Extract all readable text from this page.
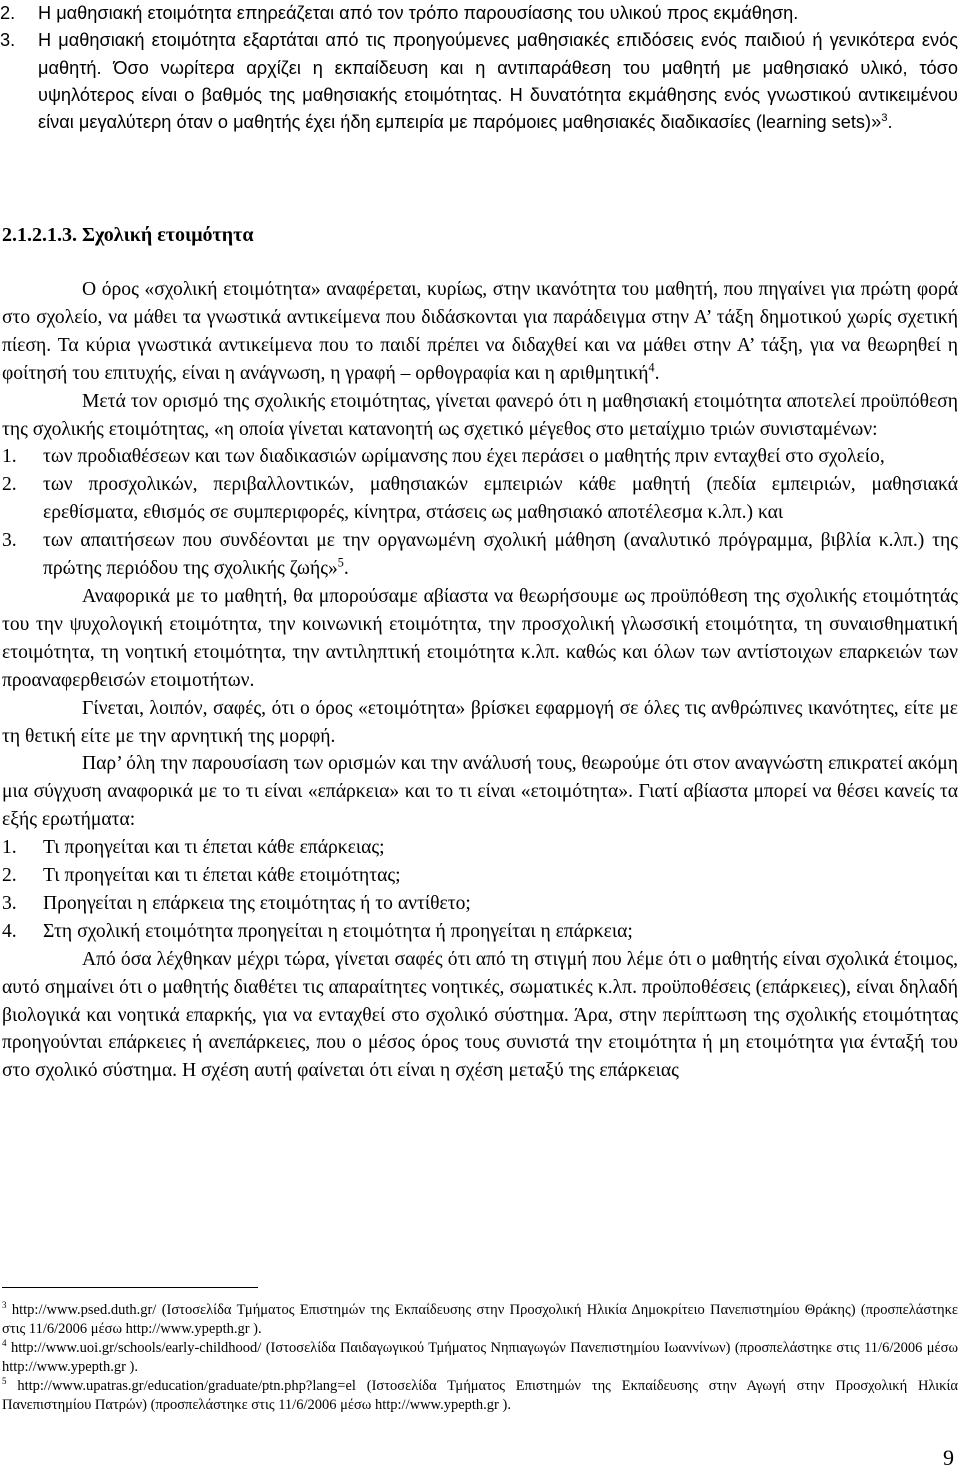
2.	Η μαθησιακή ετοιμότητα επηρεάζεται από τον τρόπο παρουσίασης του υλικού προς εκμάθηση.
3.	Η μαθησιακή ετοιμότητα εξαρτάται από τις προηγούμενες μαθησιακές επιδόσεις ενός παιδιού ή γενικότερα ενός μαθητή. Όσο νωρίτερα αρχίζει η εκπαίδευση και η αντιπαράθεση του μαθητή με μαθησιακό υλικό, τόσο υψηλότερος είναι ο βαθμός της μαθησιακής ετοιμότητας. Η δυνατότητα εκμάθησης ενός γνωστικού αντικειμένου είναι μεγαλύτερη όταν ο μαθητής έχει ήδη εμπειρία με παρόμοιες μαθησιακές διαδικασίες (learning sets)»$^3$.
2.1.2.1.3. Σχολική ετοιμότητα

Ο όρος «σχολική ετοιμότητα» αναφέρεται, κυρίως, στην ικανότητα του μαθητή, που πηγαίνει για πρώτη φορά στο σχολείο, να μάθει τα γνωστικά αντικείμενα που διδάσκονται για παράδειγμα στην Α’ τάξη δημοτικού χωρίς σχετική πίεση. Τα κύρια γνωστικά αντικείμενα που το παιδί πρέπει να διδαχθεί και να μάθει στην Α’ τάξη, για να θεωρηθεί η φοίτησή του επιτυχής, είναι η ανάγνωση, η γραφή – ορθογραφία και η αριθμητική$^4$.

Μετά τον ορισμό της σχολικής ετοιμότητας, γίνεται φανερό ότι η μαθησιακή ετοιμότητα αποτελεί προϋπόθεση της σχολικής ετοιμότητας, «η οποία γίνεται κατανοητή ως σχετικό μέγεθος στο μεταίχμιο τριών συνισταμένων:

1.	των προδιαθέσεων και των διαδικασιών ωρίμανσης που έχει περάσει ο μαθητής πριν ενταχθεί στο σχολείο,
2.	των προσχολικών, περιβαλλοντικών, μαθησιακών εμπειριών κάθε μαθητή (πεδία εμπειριών, μαθησιακά ερεθίσματα, εθισμός σε συμπεριφορές, κίνητρα, στάσεις ως μαθησιακό αποτέλεσμα κ.λπ.) και
3.	των απαιτήσεων που συνδέονται με την οργανωμένη σχολική μάθηση (αναλυτικό πρόγραμμα, βιβλία κ.λπ.) της πρώτης περιόδου της σχολικής ζωής»$^5$.

Αναφορικά με το μαθητή, θα μπορούσαμε αβίαστα να θεωρήσουμε ως προϋπόθεση της σχολικής ετοιμότητάς του την ψυχολογική ετοιμότητα, την κοινωνική ετοιμότητα, την προσχολική γλωσσική ετοιμότητα, τη συναισθηματική ετοιμότητα, τη νοητική ετοιμότητα, την αντιληπτική ετοιμότητα κ.λπ. καθώς και όλων των αντίστοιχων επαρκειών των προαναφερθεισών ετοιμοτήτων.

Γίνεται, λοιπόν, σαφές, ότι ο όρος «ετοιμότητα» βρίσκει εφαρμογή σε όλες τις ανθρώπινες ικανότητες, είτε με τη θετική είτε με την αρνητική της μορφή.

Παρ’ όλη την παρουσίαση των ορισμών και την ανάλυσή τους, θεωρούμε ότι στον αναγνώστη επικρατεί ακόμη μια σύγχυση αναφορικά με το τι είναι «επάρκεια» και το τι είναι «ετοιμότητα». Γιατί αβίαστα μπορεί να θέσει κανείς τα εξής ερωτήματα:

1.	Τι προηγείται και τι έπεται κάθε επάρκειας;
2.	Τι προηγείται και τι έπεται κάθε ετοιμότητας;
3.	Προηγείται η επάρκεια της ετοιμότητας ή το αντίθετο;
4.	Στη σχολική ετοιμότητα προηγείται η ετοιμότητα ή προηγείται η επάρκεια;

Από όσα λέχθηκαν μέχρι τώρα, γίνεται σαφές ότι από τη στιγμή που λέμε ότι ο μαθητής είναι σχολικά έτοιμος, αυτό σημαίνει ότι ο μαθητής διαθέτει τις απαραίτητες νοητικές, σωματικές κ.λπ. προϋποθέσεις (επάρκειες), είναι δηλαδή βιολογικά και νοητικά επαρκής, για να ενταχθεί στο σχολικό σύστημα. Άρα, στην περίπτωση της σχολικής ετοιμότητας προηγούνται επάρκειες ή ανεπάρκειες, που ο μέσος όρος τους συνιστά την ετοιμότητα ή μη ετοιμότητα για ένταξή του στο σχολικό σύστημα. Η σχέση αυτή φαίνεται ότι είναι η σχέση μεταξύ της επάρκειας

$^3$ http://www.psed.duth.gr/ (Ιστοσελίδα Τμήματος Επιστημών της Εκπαίδευσης στην Προσχολική Ηλικία Δημοκρίτειο Πανεπιστημίου Θράκης) (προσπελάστηκε στις 11/6/2006 μέσω http://www.ypepth.gr ).

$^4$ http://www.uoi.gr/schools/early-childhood/ (Ιστοσελίδα Παιδαγωγικού Τμήματος Νηπιαγωγών Πανεπιστημίου Ιωαννίνων) (προσπελάστηκε στις 11/6/2006 μέσω http://www.ypepth.gr ).

$^5$ http://www.upatras.gr/education/graduate/ptn.php?lang=el (Ιστοσελίδα Τμήματος Επιστημών της Εκπαίδευσης στην Αγωγή στην Προσχολική Ηλικία Πανεπιστημίου Πατρών) (προσπελάστηκε στις 11/6/2006 μέσω http://www.ypepth.gr ).

9
